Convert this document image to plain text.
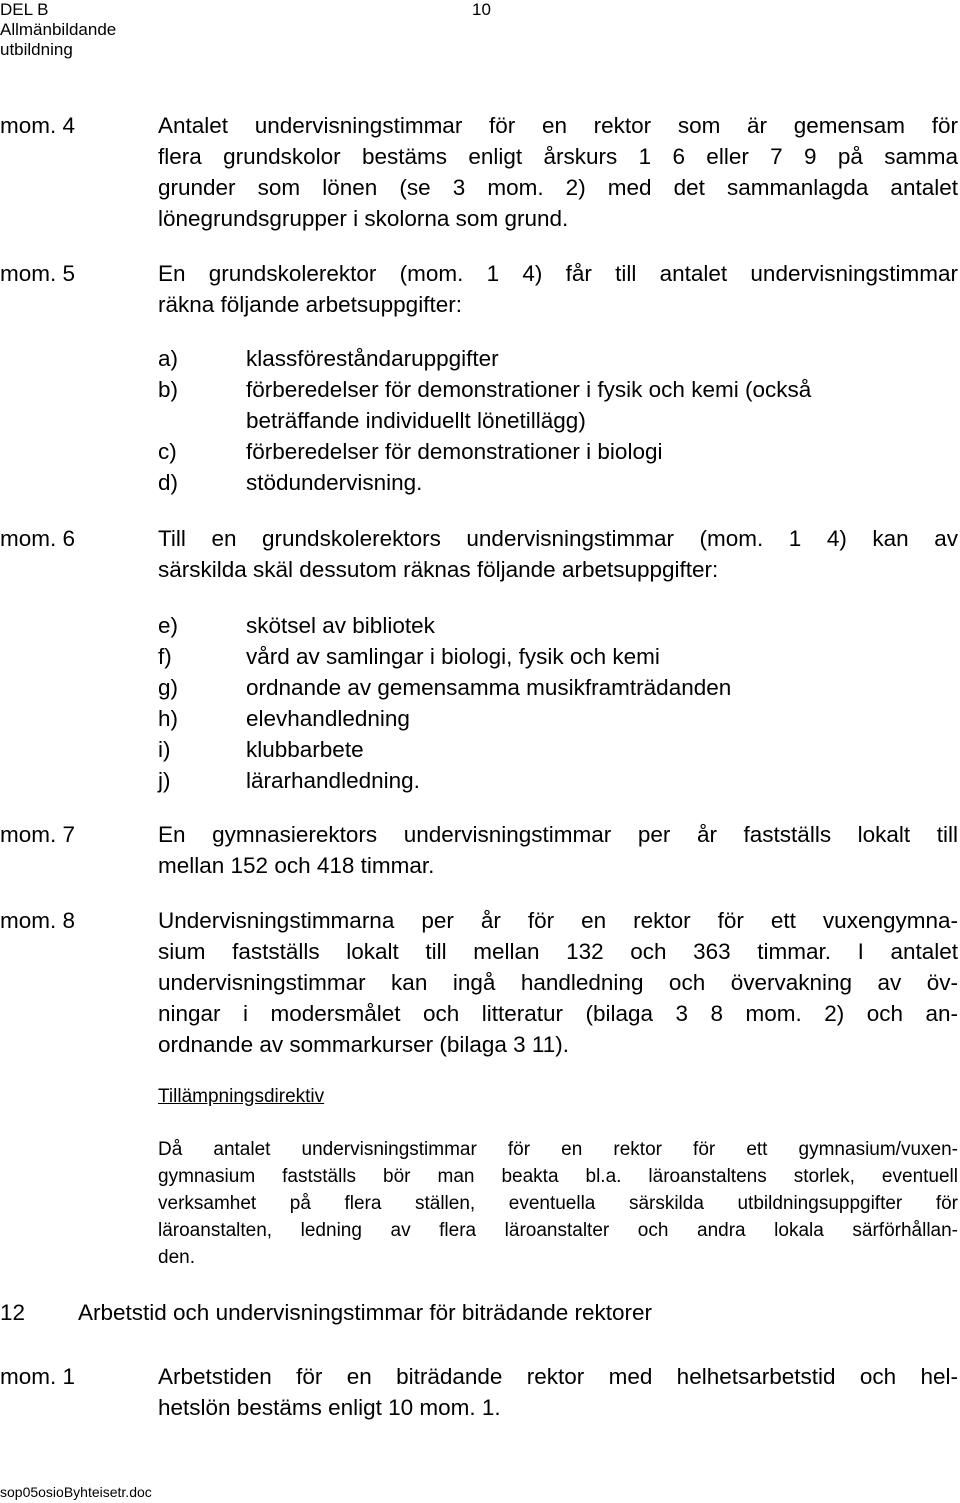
DEL B
Allmänbildande
utbildning
10
mom. 4	Antalet undervisningstimmar för en rektor som är gemensam för
flera grundskolor bestäms enligt årskurs 1 6 eller 7 9 på samma
grunder som lönen (se 3 mom. 2) med det sammanlagda antalet
lönegrundsgrupper i skolorna som grund.
mom. 5	En grundskolerektor (mom. 1 4) får till antalet undervisningstimmar
räkna följande arbetsuppgifter:
a)	klassföreståndaruppgifter
b)	förberedelser för demonstrationer i fysik och kemi (också
beträffande individuellt lönetillägg)
c)	förberedelser för demonstrationer i biologi
d)	stödundervisning.
mom. 6	Till en grundskolerektors undervisningstimmar (mom. 1 4) kan av
särskilda skäl dessutom räknas följande arbetsuppgifter:
e)	skötsel av bibliotek
f)	vård av samlingar i biologi, fysik och kemi
g)	ordnande av gemensamma musikframträdanden
h)	elevhandledning
i)	klubbarbete
j)	lärarhandledning.
mom. 7	En gymnasierektors undervisningstimmar per år fastställs lokalt till
mellan 152 och 418 timmar.
mom. 8	Undervisningstimmarna per år för en rektor för ett vuxengymna-
sium fastställs lokalt till mellan 132 och 363 timmar. I antalet
undervisningstimmar kan ingå handledning och övervakning av öv-
ningar i modersmålet och litteratur (bilaga 3 8 mom. 2) och an-
ordnande av sommarkurser (bilaga 3 11).
Tillämpningsdirektiv
Då antalet undervisningstimmar för en rektor för ett gymnasium/vuxen-
gymnasium fastställs bör man beakta bl.a. läroanstaltens storlek, eventuell
verksamhet på flera ställen, eventuella särskilda utbildningsuppgifter för
läroanstalten, ledning av flera läroanstalter och andra lokala särförhållan-
den.
12 Arbetstid och undervisningstimmar för biträdande rektorer
mom. 1	Arbetstiden för en biträdande rektor med helhetsarbetstid och hel-
hetslön bestäms enligt 10 mom. 1.
sop05osioByhteisetr.doc
